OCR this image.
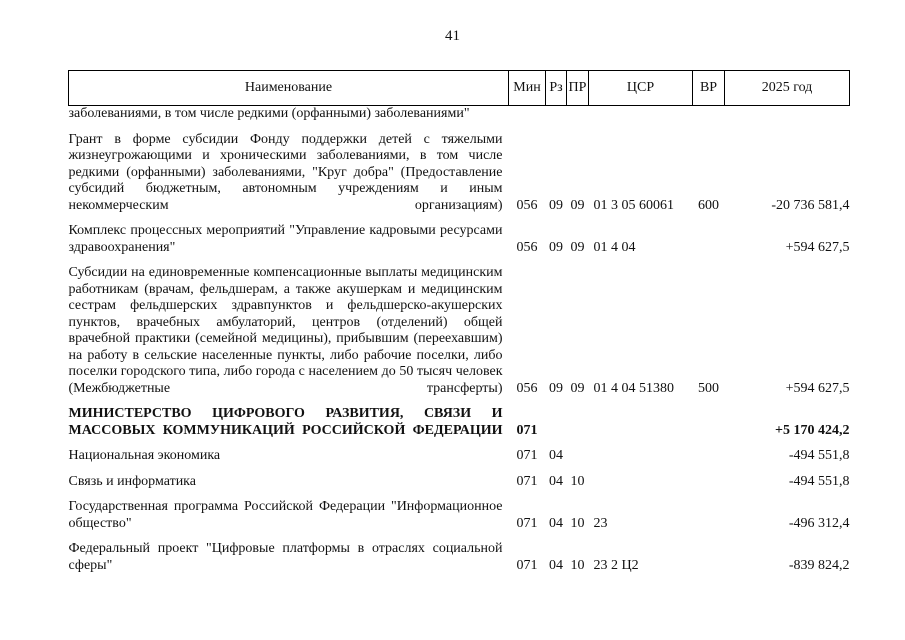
41
Наименование	Мин	Рз	ПР	ЦСР	ВР	2025 год
заболеваниями, в том числе редкими (орфанными) заболеваниями"						

Грант в форме субсидии Фонду поддержки детей с тяжелыми жизнеугрожающими и хроническими заболеваниями, в том числе редкими (орфанными) заболеваниями, "Круг добра" (Предоставление субсидий бюджетным, автономным учреждениям и иным некоммерческим организациям)	056	09	09	01 3 05 60061	600	-20 736 581,4

Комплекс процессных мероприятий "Управление кадровыми ресурсами здравоохранения"	056	09	09	01 4 04		+594 627,5

Субсидии на единовременные компенсационные выплаты медицинским работникам (врачам, фельдшерам, а также акушеркам и медицинским сестрам фельдшерских здравпунктов и фельдшерско-акушерских пунктов, врачебных амбулаторий, центров (отделений) общей врачебной практики (семейной медицины), прибывшим (переехавшим) на работу в сельские населенные пункты, либо рабочие поселки, либо поселки городского типа, либо города с населением до 50 тысяч человек (Межбюджетные трансферты)	056	09	09	01 4 04 51380	500	+594 627,5

МИНИСТЕРСТВО ЦИФРОВОГО РАЗВИТИЯ, СВЯЗИ И МАССОВЫХ КОММУНИКАЦИЙ РОССИЙСКОЙ ФЕДЕРАЦИИ	071					+5 170 424,2

Национальная экономика	071	04				-494 551,8

Связь и информатика	071	04	10			-494 551,8

Государственная программа Российской Федерации "Информационное общество"	071	04	10	23		-496 312,4

Федеральный проект "Цифровые платформы в отраслях социальной сферы"	071	04	10	23 2 Ц2		-839 824,2
